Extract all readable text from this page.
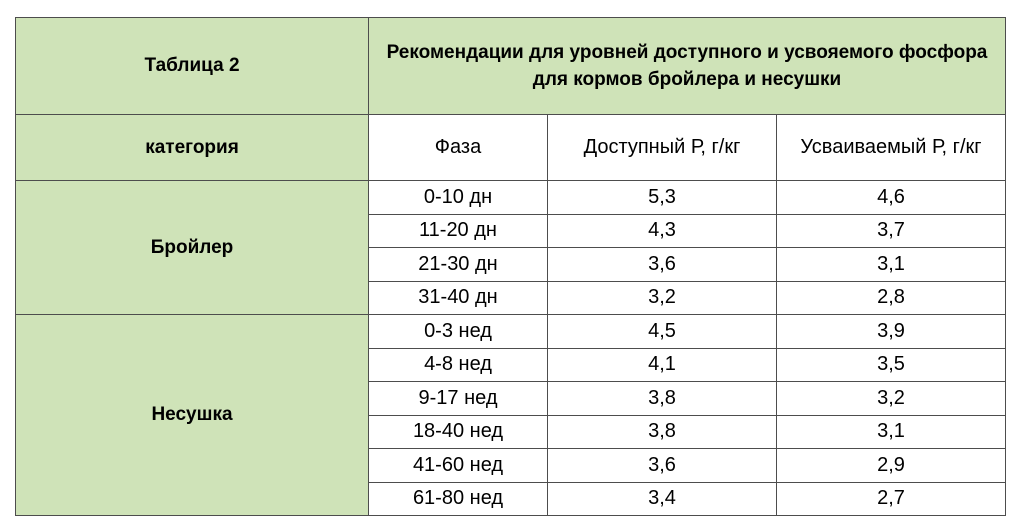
Таблица 2	Рекомендации для уровней доступного и усвояемого фосфора для кормов бройлера и несушки		
категория	Фаза	Доступный Р, г/кг	Усваиваемый Р, г/кг
Бройлер	0-10 дн	5,3	4,6
	11-20 дн	4,3	3,7
	21-30 дн	3,6	3,1
	31-40 дн	3,2	2,8
Несушка	0-3 нед	4,5	3,9
	4-8 нед	4,1	3,5
	9-17 нед	3,8	3,2
	18-40 нед	3,8	3,1
	41-60 нед	3,6	2,9
	61-80 нед	3,4	2,7
